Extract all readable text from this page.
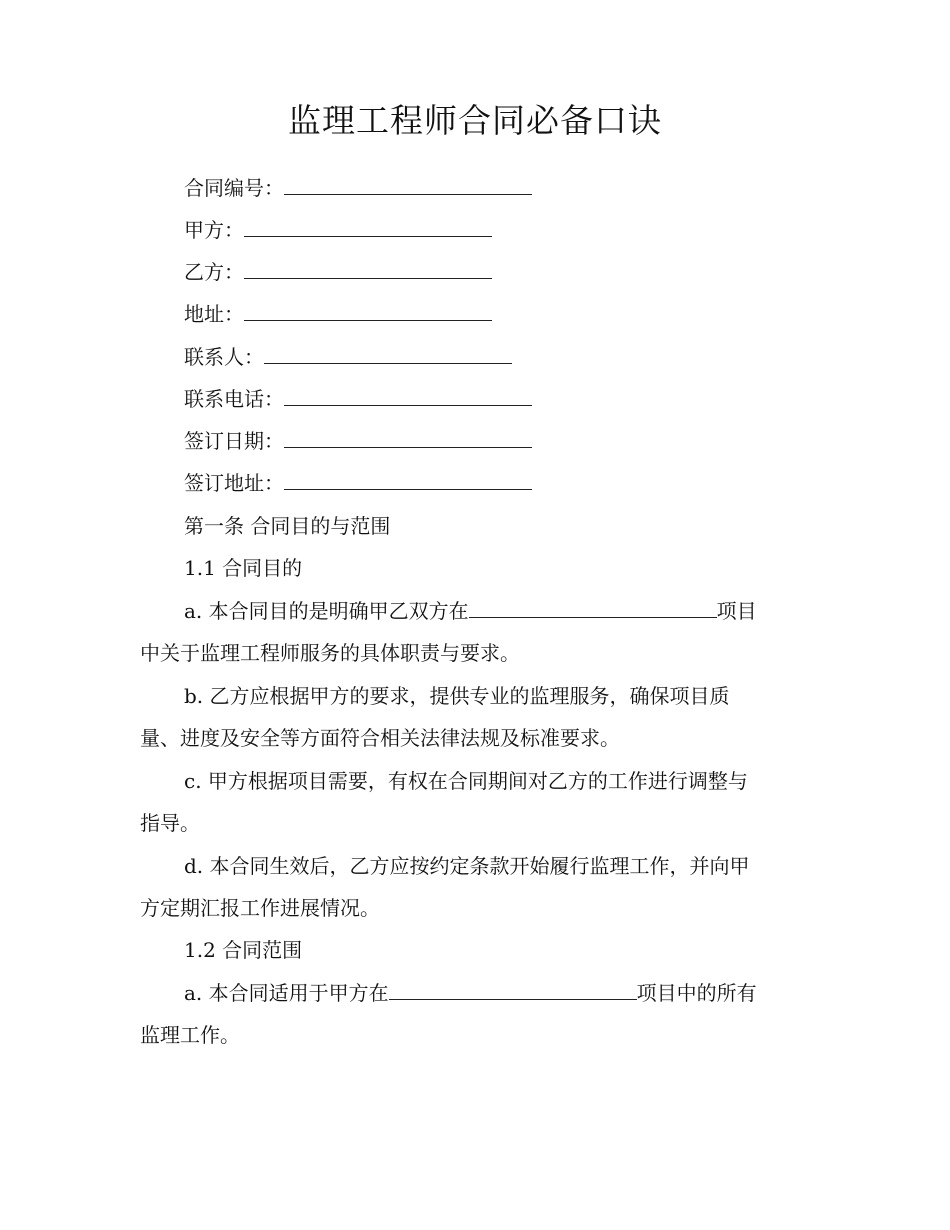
监理工程师合同必备口诀
合同编号：
甲方：
乙方：
地址：
联系人：
联系电话：
签订日期：
签订地址：
第一条 合同目的与范围
1.1 合同目的
a. 本合同目的是明确甲乙双方在	项目
中关于监理工程师服务的具体职责与要求。
b. 乙方应根据甲方的要求，提供专业的监理服务，确保项目质
量、进度及安全等方面符合相关法律法规及标准要求。
c. 甲方根据项目需要，有权在合同期间对乙方的工作进行调整与
指导。
d. 本合同生效后，乙方应按约定条款开始履行监理工作，并向甲
方定期汇报工作进展情况。
1.2 合同范围
a. 本合同适用于甲方在	项目中的所有
监理工作。
